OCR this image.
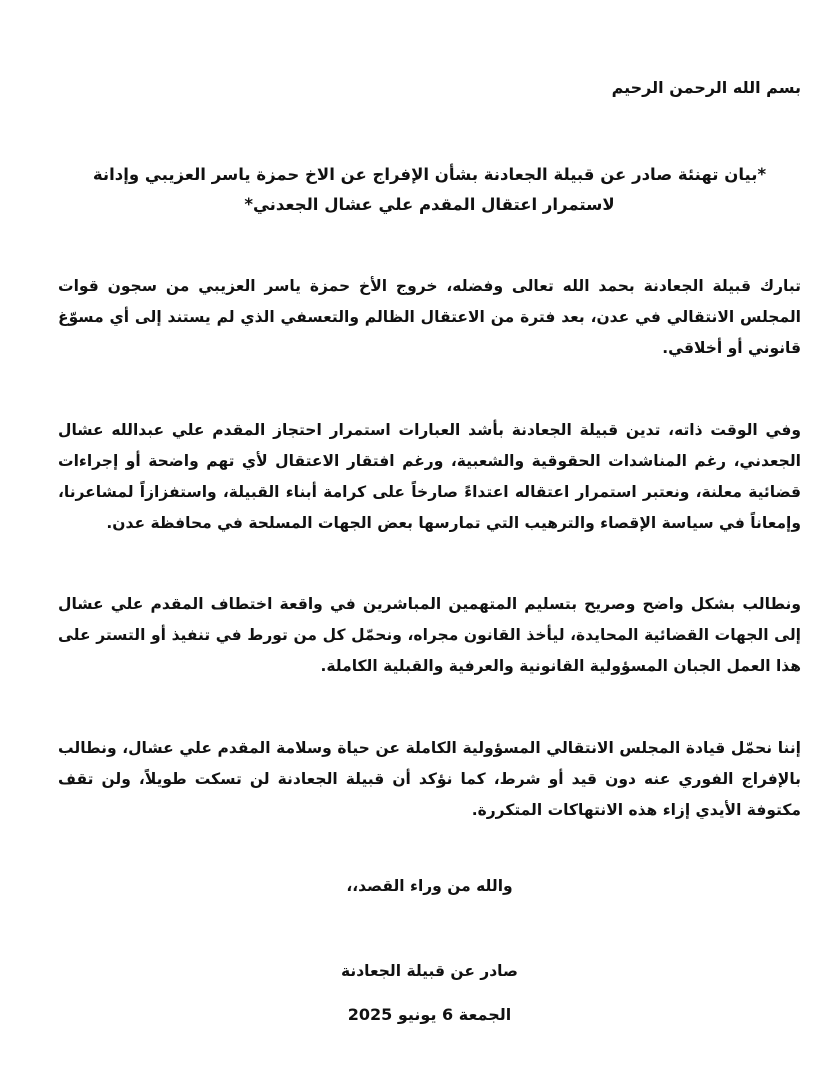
بسم الله الرحمن الرحيم
*بيان تهنئة صادر عن قبيلة الجعادنة بشأن الإفراج عن الاخ حمزة ياسر العزيبي وإدانة لاستمرار اعتقال المقدم علي عشال الجعدني*
تبارك قبيلة الجعادنة بحمد الله تعالى وفضله، خروج الأخ حمزة ياسر العزيبي من سجون قوات المجلس الانتقالي في عدن، بعد فترة من الاعتقال الظالم والتعسفي الذي لم يستند إلى أي مسوّغ قانوني أو أخلاقي.
وفي الوقت ذاته، تدين قبيلة الجعادنة بأشد العبارات استمرار احتجاز المقدم علي عبدالله عشال الجعدني، رغم المناشدات الحقوقية والشعبية، ورغم افتقار الاعتقال لأي تهم واضحة أو إجراءات قضائية معلنة، ونعتبر استمرار اعتقاله اعتداءً صارخاً على كرامة أبناء القبيلة، واستفزازاً لمشاعرنا، وإمعاناً في سياسة الإقصاء والترهيب التي تمارسها بعض الجهات المسلحة في محافظة عدن.
ونطالب بشكل واضح وصريح بتسليم المتهمين المباشرين في واقعة اختطاف المقدم علي عشال إلى الجهات القضائية المحايدة، ليأخذ القانون مجراه، ونحمّل كل من تورط في تنفيذ أو التستر على هذا العمل الجبان المسؤولية القانونية والعرفية والقبلية الكاملة.
إننا نحمّل قيادة المجلس الانتقالي المسؤولية الكاملة عن حياة وسلامة المقدم علي عشال، ونطالب بالإفراج الفوري عنه دون قيد أو شرط، كما نؤكد أن قبيلة الجعادنة لن تسكت طويلاً، ولن تقف مكتوفة الأيدي إزاء هذه الانتهاكات المتكررة.
والله من وراء القصد،،
صادر عن قبيلة الجعادنة
الجمعة 6 يونيو 2025
